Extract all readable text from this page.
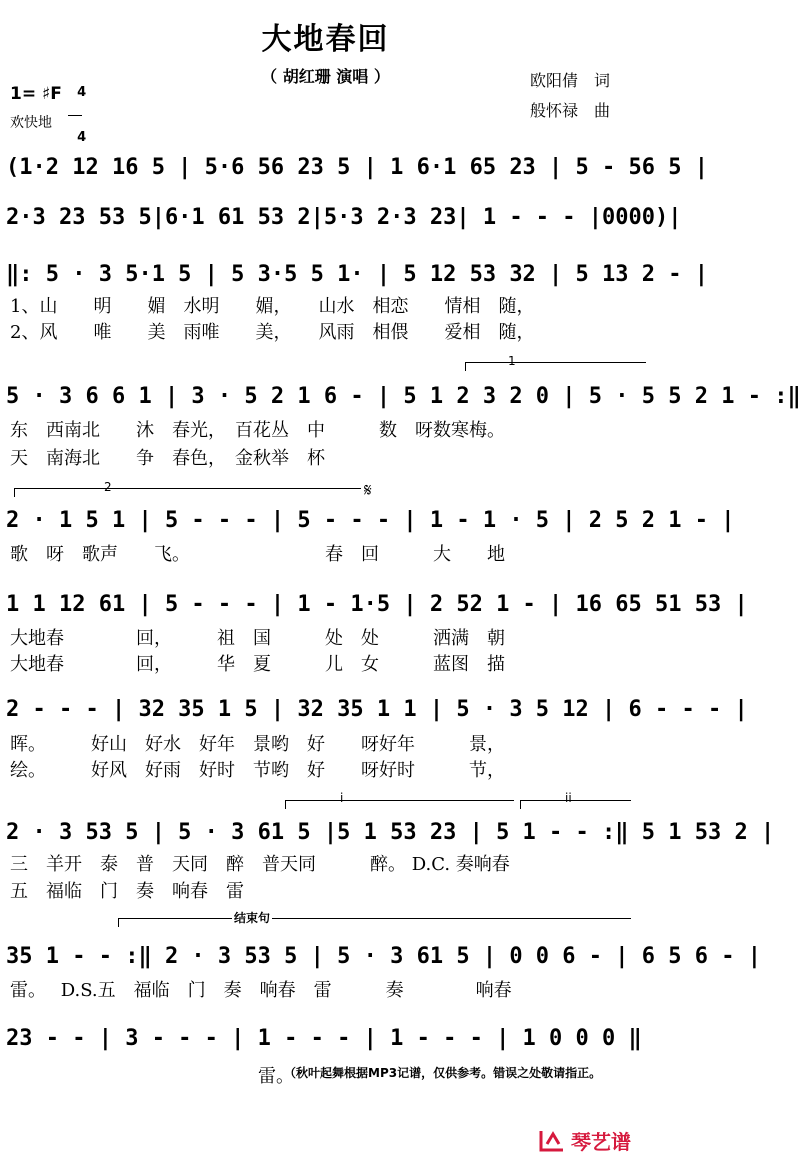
大地春回
（ 胡红珊 演唱 ）
1= ♯F	4

4

欢快地
欧阳倩　词
般怀禄　曲
(1·2 12 16 5 | 5·6 56 23 5 | 1 6·1 65 23 | 5 - 56 5 |
2·3 23 53 5|6·1 61 53 2|5·3 2·3 23| 1 - - - |0000)|
‖: 5 · 3 5·1 5 | 5 3·5 5 1· | 5 12 53 32 | 5 13 2 - |
1、山　　明　　媚　水明　　媚，　　山水　相恋　　情相　随，
2、风　　唯　　美　雨唯　　美，　　风雨　相偎　　爱相　随，
1
5 · 3 6 6 1 | 3 · 5 2 1 6 - | 5 1 2 3 2 0 | 5 · 5 5 2 1 - :‖
东　西南北　　沐　春光，　百花丛　中　　　数　呀数寒梅。
天　南海北　　争　春色，　金秋举　杯
2	𝄋
2 · 1 5 1 | 5 - - - | 5 - - - | 1 - 1 · 5 | 2 5 2 1 - |
歌　呀　歌声　　飞。　　　　　　　　春　回　　　大　　地
1 1 12 61 | 5 - - - | 1 - 1·5 | 2 52 1 - | 16 65 51 53 |
大地春　　　　回，　　　祖　国　　　处　处　　　洒满　朝
大地春　　　　回，　　　华　夏　　　儿　女　　　蓝图　描
2 - - - | 32 35 1 5 | 32 35 1 1 | 5 · 3 5 12 | 6 - - - |
晖。　　　好山　好水　好年　景哟　好　　呀好年　　　景，
绘。　　　好风　好雨　好时　节哟　好　　呀好时　　　节，
i	ii
2 · 3 53 5 | 5 · 3 61 5 |5 1 53 23 | 5 1 - - :‖ 5 1 53 2 |
三　羊开　泰　普　天同　醉　普天同　　　醉。 D.C. 奏响春
五　福临　门　奏　响春　雷
结束句
35 1 - - :‖ 2 · 3 53 5 | 5 · 3 61 5 | 0 0 6 - | 6 5 6 - |
雷。　 D.S.五　福临　门　奏　响春　雷　　　奏　　　　响春
23 - - | 3 - - - | 1 - - - | 1 - - - | 1 0 0 0 ‖
雷。
（秋叶起舞根据MP3记谱，仅供参考。错误之处敬请指正。
琴艺谱
